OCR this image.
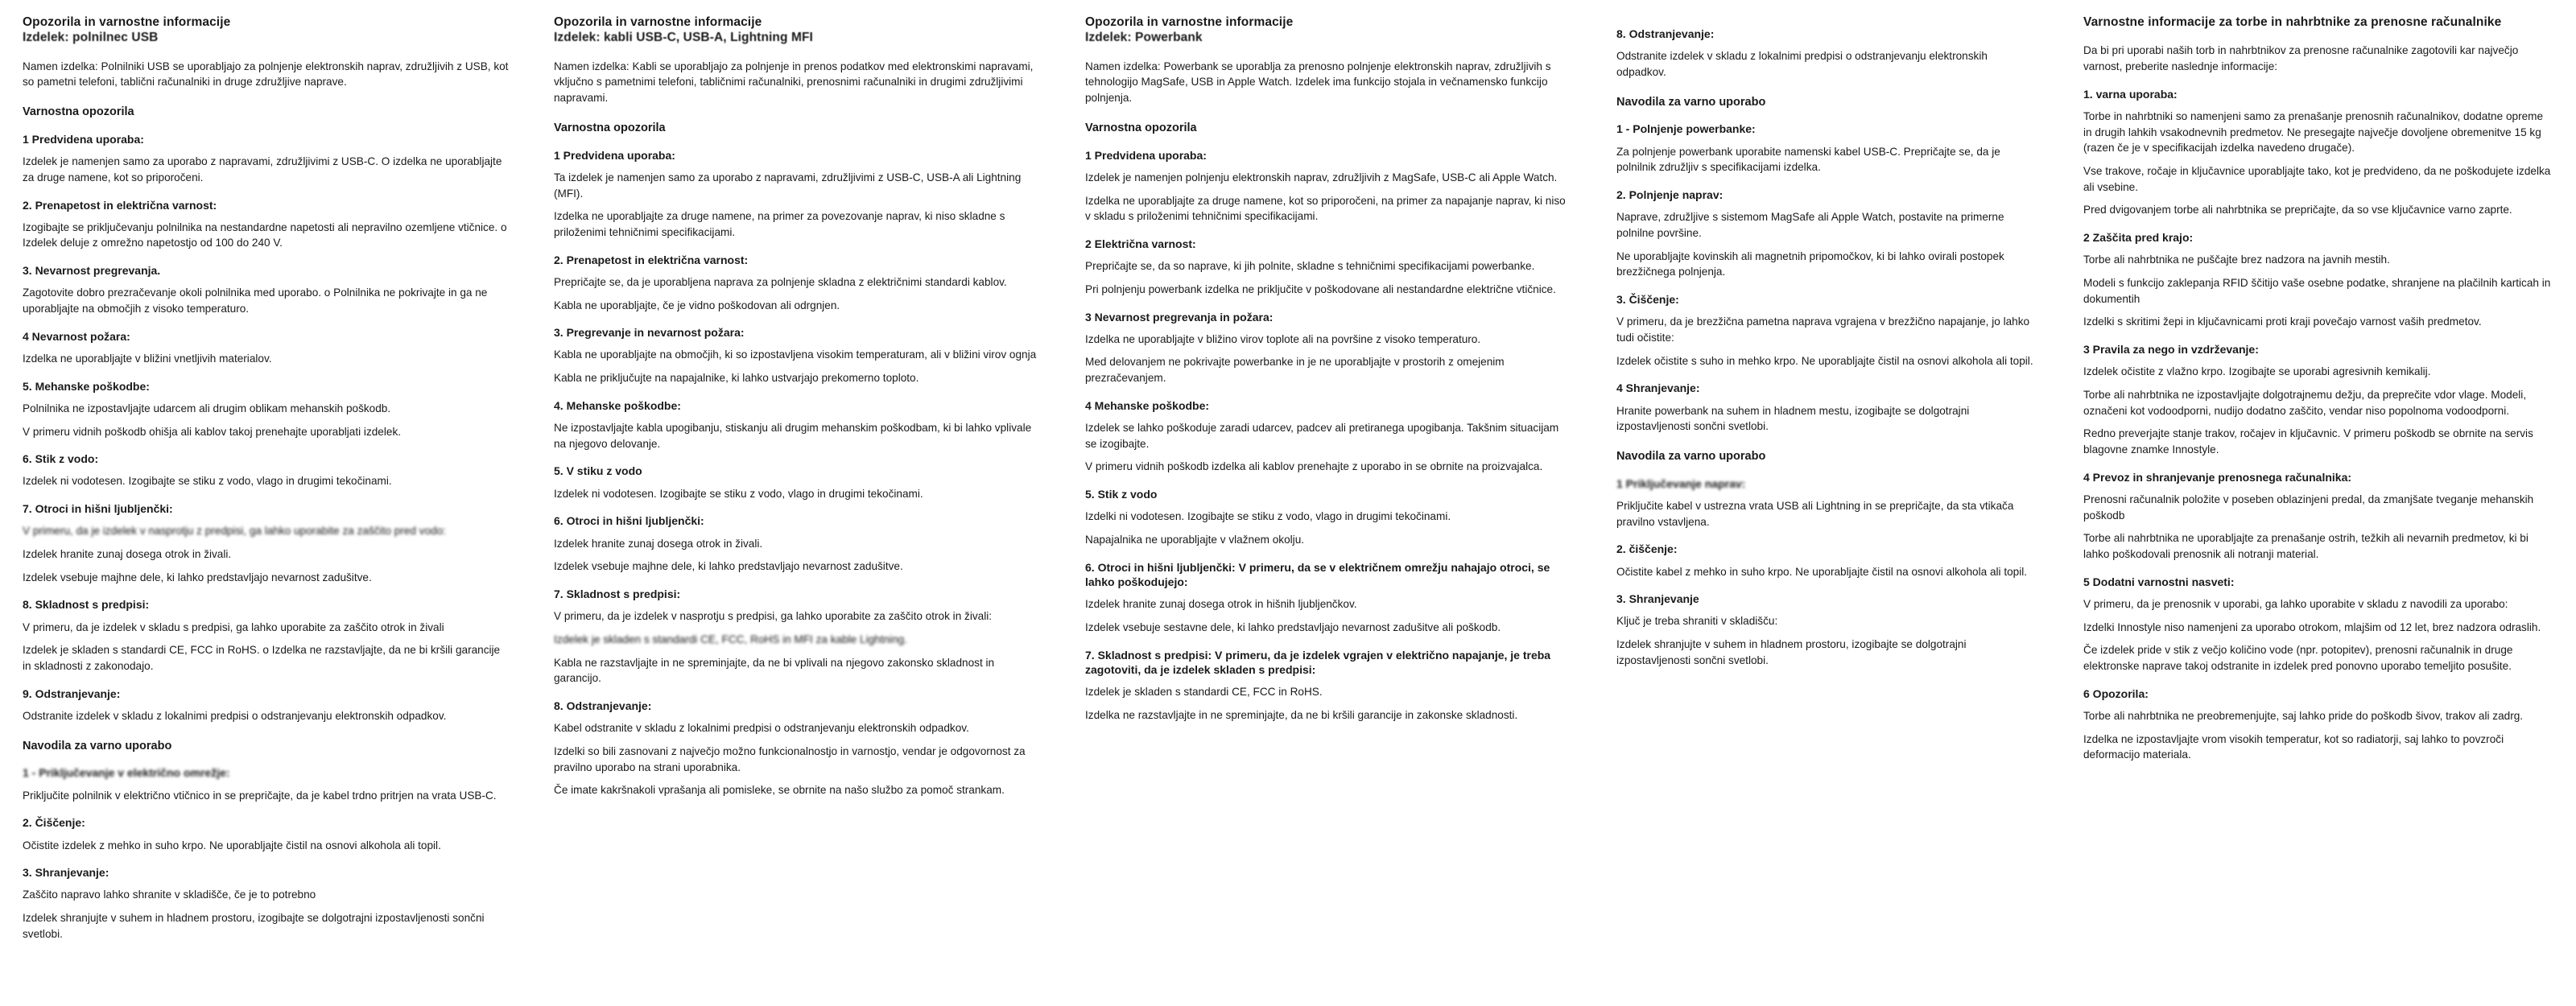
Opozorila in varnostne informacije
Izdelek: polnilnec USB

Namen izdelka: Polnilniki USB se uporabljajo za polnjenje elektronskih naprav, združljivih z USB, kot so pametni telefoni, tablični računalniki in druge združljive naprave.

Varnostna opozorila
1 Predvidena uporaba:

Izdelek je namenjen samo za uporabo z napravami, združljivimi z USB-C. O izdelka ne uporabljajte za druge namene, kot so priporočeni.

2. Prenapetost in električna varnost:

Izogibajte se priključevanju polnilnika na nestandardne napetosti ali nepravilno ozemljene vtičnice. o Izdelek deluje z omrežno napetostjo od 100 do 240 V.

3. Nevarnost pregrevanja.

Zagotovite dobro prezračevanje okoli polnilnika med uporabo. o Polnilnika ne pokrivajte in ga ne uporabljajte na območjih z visoko temperaturo.

4 Nevarnost požara:

Izdelka ne uporabljajte v bližini vnetljivih materialov.

5. Mehanske poškodbe:

Polnilnika ne izpostavljajte udarcem ali drugim oblikam mehanskih poškodb.

V primeru vidnih poškodb ohišja ali kablov takoj prenehajte uporabljati izdelek.

6. Stik z vodo:

Izdelek ni vodotesen. Izogibajte se stiku z vodo, vlago in drugimi tekočinami.

7. Otroci in hišni ljubljenčki:

V primeru, da je izdelek v nasprotju z predpisi, ga lahko uporabite za zaščito pred vodo:

Izdelek hranite zunaj dosega otrok in živali.

Izdelek vsebuje majhne dele, ki lahko predstavljajo nevarnost zadušitve.

8. Skladnost s predpisi:

V primeru, da je izdelek v skladu s predpisi, ga lahko uporabite za zaščito otrok in živali

Izdelek je skladen s standardi CE, FCC in RoHS. o Izdelka ne razstavljajte, da ne bi kršili garancije in skladnosti z zakonodajo.

9. Odstranjevanje:

Odstranite izdelek v skladu z lokalnimi predpisi o odstranjevanju elektronskih odpadkov.

Navodila za varno uporabo
1 - Priključevanje v električno omrežje:

Priključite polnilnik v električno vtičnico in se prepričajte, da je kabel trdno pritrjen na vrata USB-C.

2. Čiščenje:

Očistite izdelek z mehko in suho krpo. Ne uporabljajte čistil na osnovi alkohola ali topil.

3. Shranjevanje:

Zaščito napravo lahko shranite v skladišče, če je to potrebno

Izdelek shranjujte v suhem in hladnem prostoru, izogibajte se dolgotrajni izpostavljenosti sončni svetlobi.

Opozorila in varnostne informacije
Izdelek: kabli USB-C, USB-A, Lightning MFI

Namen izdelka: Kabli se uporabljajo za polnjenje in prenos podatkov med elektronskimi napravami, vključno s pametnimi telefoni, tabličnimi računalniki, prenosnimi računalniki in drugimi združljivimi napravami.

Varnostna opozorila
1 Predvidena uporaba:

Ta izdelek je namenjen samo za uporabo z napravami, združljivimi z USB-C, USB-A ali Lightning (MFI).

Izdelka ne uporabljajte za druge namene, na primer za povezovanje naprav, ki niso skladne s priloženimi tehničnimi specifikacijami.

2. Prenapetost in električna varnost:

Prepričajte se, da je uporabljena naprava za polnjenje skladna z električnimi standardi kablov.

Kabla ne uporabljajte, če je vidno poškodovan ali odrgnjen.

3. Pregrevanje in nevarnost požara:

Kabla ne uporabljajte na območjih, ki so izpostavljena visokim temperaturam, ali v bližini virov ognja

Kabla ne priključujte na napajalnike, ki lahko ustvarjajo prekomerno toploto.

4. Mehanske poškodbe:

Ne izpostavljajte kabla upogibanju, stiskanju ali drugim mehanskim poškodbam, ki bi lahko vplivale na njegovo delovanje.

5. V stiku z vodo

Izdelek ni vodotesen. Izogibajte se stiku z vodo, vlago in drugimi tekočinami.

6. Otroci in hišni ljubljenčki:

Izdelek hranite zunaj dosega otrok in živali.

Izdelek vsebuje majhne dele, ki lahko predstavljajo nevarnost zadušitve.

7. Skladnost s predpisi:

V primeru, da je izdelek v nasprotju s predpisi, ga lahko uporabite za zaščito otrok in živali:

Izdelek je skladen s standardi CE, FCC, RoHS in MFI za kable Lightning.

Kabla ne razstavljajte in ne spreminjajte, da ne bi vplivali na njegovo zakonsko skladnost in garancijo.

8. Odstranjevanje:

Kabel odstranite v skladu z lokalnimi predpisi o odstranjevanju elektronskih odpadkov.

Izdelki so bili zasnovani z največjo možno funkcionalnostjo in varnostjo, vendar je odgovornost za pravilno uporabo na strani uporabnika.

Če imate kakršnakoli vprašanja ali pomisleke, se obrnite na našo službo za pomoč strankam.

Opozorila in varnostne informacije
Izdelek: Powerbank

Namen izdelka: Powerbank se uporablja za prenosno polnjenje elektronskih naprav, združljivih s tehnologijo MagSafe, USB in Apple Watch. Izdelek ima funkcijo stojala in večnamensko funkcijo polnjenja.

Varnostna opozorila
1 Predvidena uporaba:

Izdelek je namenjen polnjenju elektronskih naprav, združljivih z MagSafe, USB-C ali Apple Watch.

Izdelka ne uporabljajte za druge namene, kot so priporočeni, na primer za napajanje naprav, ki niso v skladu s priloženimi tehničnimi specifikacijami.

2 Električna varnost:

Prepričajte se, da so naprave, ki jih polnite, skladne s tehničnimi specifikacijami powerbanke.

Pri polnjenju powerbank izdelka ne priključite v poškodovane ali nestandardne električne vtičnice.

3 Nevarnost pregrevanja in požara:

Izdelka ne uporabljajte v bližino virov toplote ali na površine z visoko temperaturo.

Med delovanjem ne pokrivajte powerbanke in je ne uporabljajte v prostorih z omejenim prezračevanjem.

4 Mehanske poškodbe:

Izdelek se lahko poškoduje zaradi udarcev, padcev ali pretiranega upogibanja. Takšnim situacijam se izogibajte.

V primeru vidnih poškodb izdelka ali kablov prenehajte z uporabo in se obrnite na proizvajalca.

5. Stik z vodo

Izdelki ni vodotesen. Izogibajte se stiku z vodo, vlago in drugimi tekočinami.

Napajalnika ne uporabljajte v vlažnem okolju.

6. Otroci in hišni ljubljenčki: V primeru, da se v električnem omrežju nahajajo otroci, se lahko poškodujejo:

Izdelek hranite zunaj dosega otrok in hišnih ljubljenčkov.

Izdelek vsebuje sestavne dele, ki lahko predstavljajo nevarnost zadušitve ali poškodb.

7. Skladnost s predpisi: V primeru, da je izdelek vgrajen v električno napajanje, je treba zagotoviti, da je izdelek skladen s predpisi:

Izdelek je skladen s standardi CE, FCC in RoHS.

Izdelka ne razstavljajte in ne spreminjajte, da ne bi kršili garancije in zakonske skladnosti.

8. Odstranjevanje:

Odstranite izdelek v skladu z lokalnimi predpisi o odstranjevanju elektronskih odpadkov.

Navodila za varno uporabo
1 - Polnjenje powerbanke:

Za polnjenje powerbank uporabite namenski kabel USB-C. Prepričajte se, da je polnilnik združljiv s specifikacijami izdelka.

2. Polnjenje naprav:

Naprave, združljive s sistemom MagSafe ali Apple Watch, postavite na primerne polnilne površine.

Ne uporabljajte kovinskih ali magnetnih pripomočkov, ki bi lahko ovirali postopek brezžičnega polnjenja.

3. Čiščenje:

V primeru, da je brezžična pametna naprava vgrajena v brezžično napajanje, jo lahko tudi očistite:

Izdelek očistite s suho in mehko krpo. Ne uporabljajte čistil na osnovi alkohola ali topil.

4 Shranjevanje:

Hranite powerbank na suhem in hladnem mestu, izogibajte se dolgotrajni izpostavljenosti sončni svetlobi.

Navodila za varno uporabo
1 Priključevanje naprav:

Priključite kabel v ustrezna vrata USB ali Lightning in se prepričajte, da sta vtikača pravilno vstavljena.

2. čiščenje:

Očistite kabel z mehko in suho krpo. Ne uporabljajte čistil na osnovi alkohola ali topil.

3. Shranjevanje

Ključ je treba shraniti v skladišču:

Izdelek shranjujte v suhem in hladnem prostoru, izogibajte se dolgotrajni izpostavljenosti sončni svetlobi.

Varnostne informacije za torbe in nahrbtnike za prenosne računalnike

Da bi pri uporabi naših torb in nahrbtnikov za prenosne računalnike zagotovili kar največjo varnost, preberite naslednje informacije:

1. varna uporaba:

Torbe in nahrbtniki so namenjeni samo za prenašanje prenosnih računalnikov, dodatne opreme in drugih lahkih vsakodnevnih predmetov. Ne presegajte največje dovoljene obremenitve 15 kg (razen če je v specifikacijah izdelka navedeno drugače).

Vse trakove, ročaje in ključavnice uporabljajte tako, kot je predvideno, da ne poškodujete izdelka ali vsebine.

Pred dvigovanjem torbe ali nahrbtnika se prepričajte, da so vse ključavnice varno zaprte.

2 Zaščita pred krajo:

Torbe ali nahrbtnika ne puščajte brez nadzora na javnih mestih.

Modeli s funkcijo zaklepanja RFID ščitijo vaše osebne podatke, shranjene na plačilnih karticah in dokumentih

Izdelki s skritimi žepi in ključavnicami proti kraji povečajo varnost vaših predmetov.

3 Pravila za nego in vzdrževanje:

Izdelek očistite z vlažno krpo. Izogibajte se uporabi agresivnih kemikalij.

Torbe ali nahrbtnika ne izpostavljajte dolgotrajnemu dežju, da preprečite vdor vlage. Modeli, označeni kot vodoodporni, nudijo dodatno zaščito, vendar niso popolnoma vodoodporni.

Redno preverjajte stanje trakov, ročajev in ključavnic. V primeru poškodb se obrnite na servis blagovne znamke Innostyle.

4 Prevoz in shranjevanje prenosnega računalnika:

Prenosni računalnik položite v poseben oblazinjeni predal, da zmanjšate tveganje mehanskih poškodb

Torbe ali nahrbtnika ne uporabljajte za prenašanje ostrih, težkih ali nevarnih predmetov, ki bi lahko poškodovali prenosnik ali notranji material.

5 Dodatni varnostni nasveti:

V primeru, da je prenosnik v uporabi, ga lahko uporabite v skladu z navodili za uporabo:

Izdelki Innostyle niso namenjeni za uporabo otrokom, mlajšim od 12 let, brez nadzora odraslih.

Če izdelek pride v stik z večjo količino vode (npr. potopitev), prenosni računalnik in druge elektronske naprave takoj odstranite in izdelek pred ponovno uporabo temeljito posušite.

6 Opozorila:

Torbe ali nahrbtnika ne preobremenjujte, saj lahko pride do poškodb šivov, trakov ali zadrg.

Izdelka ne izpostavljajte vrom visokih temperatur, kot so radiatorji, saj lahko to povzroči deformacijo materiala.
